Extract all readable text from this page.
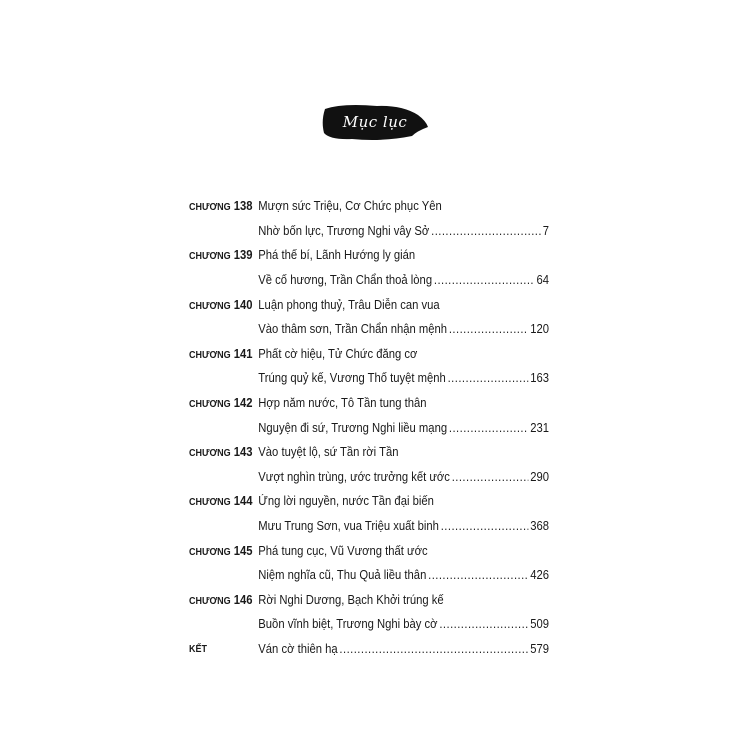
Mục lục
CHƯƠNG 138 Mượn sức Triệu, Cơ Chức phục Yên
Nhờ bốn lực, Trương Nghi vây Sở .....	7
CHƯƠNG 139 Phá thế bí, Lãnh Hướng ly gián
Về cố hương, Trần Chẩn thoả lòng .....	64
CHƯƠNG 140 Luận phong thuỷ, Trâu Diễn can vua
Vào thâm sơn, Trần Chẩn nhận mệnh .....	120
CHƯƠNG 141 Phất cờ hiệu, Tử Chức đăng cơ
Trúng quỷ kế, Vương Thố tuyệt mệnh .....	163
CHƯƠNG 142 Hợp năm nước, Tô Tần tung thân
Nguyện đi sứ, Trương Nghi liều mạng .....	231
CHƯƠNG 143 Vào tuyệt lộ, sứ Tần rời Tần
Vượt nghìn trùng, ước trưởng kết ước .....	290
CHƯƠNG 144 Ứng lời nguyền, nước Tần đại biến
Mưu Trung Sơn, vua Triệu xuất binh .....	368
CHƯƠNG 145 Phá tung cục, Vũ Vương thất ước
Niệm nghĩa cũ, Thu Quả liều thân .....	426
CHƯƠNG 146 Rời Nghi Dương, Bạch Khởi trúng kế
Buồn vĩnh biệt, Trương Nghi bày cờ .....	509
KẾT	Ván cờ thiên hạ .....	579
